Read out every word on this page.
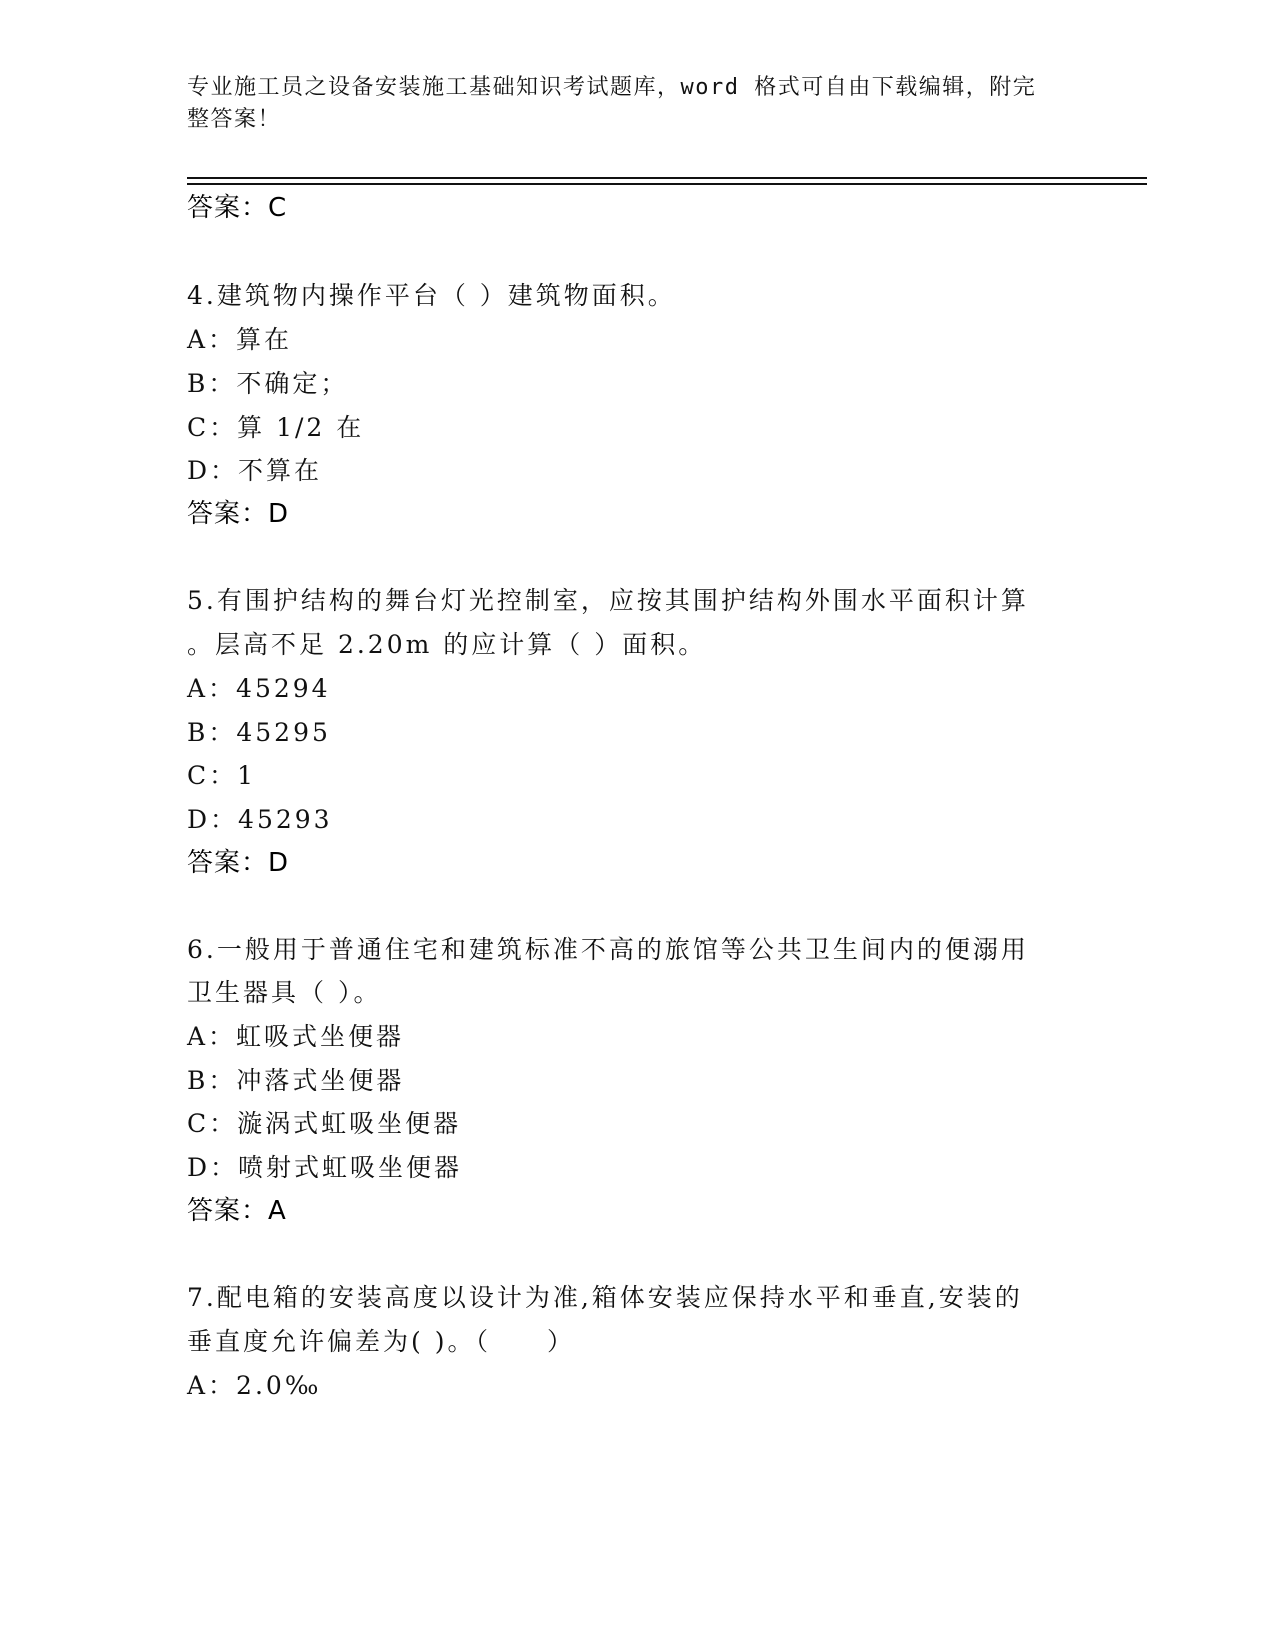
专业施工员之设备安装施工基础知识考试题库，word 格式可自由下载编辑，附完
整答案！
答案：C
4.建筑物内操作平台（ ）建筑物面积。
A：算在
B：不确定；
C：算 1/2 在
D：不算在
答案：D
5.有围护结构的舞台灯光控制室，应按其围护结构外围水平面积计算
。层高不足 2.20m 的应计算（ ）面积。
A：45294
B：45295
C：1
D：45293
答案：D
6.一般用于普通住宅和建筑标准不高的旅馆等公共卫生间内的便溺用
卫生器具（ ）。
A：虹吸式坐便器
B：冲落式坐便器
C：漩涡式虹吸坐便器
D：喷射式虹吸坐便器
答案：A
7.配电箱的安装高度以设计为准,箱体安装应保持水平和垂直,安装的
垂直度允许偏差为( )。（　　）
A：2.0‰
